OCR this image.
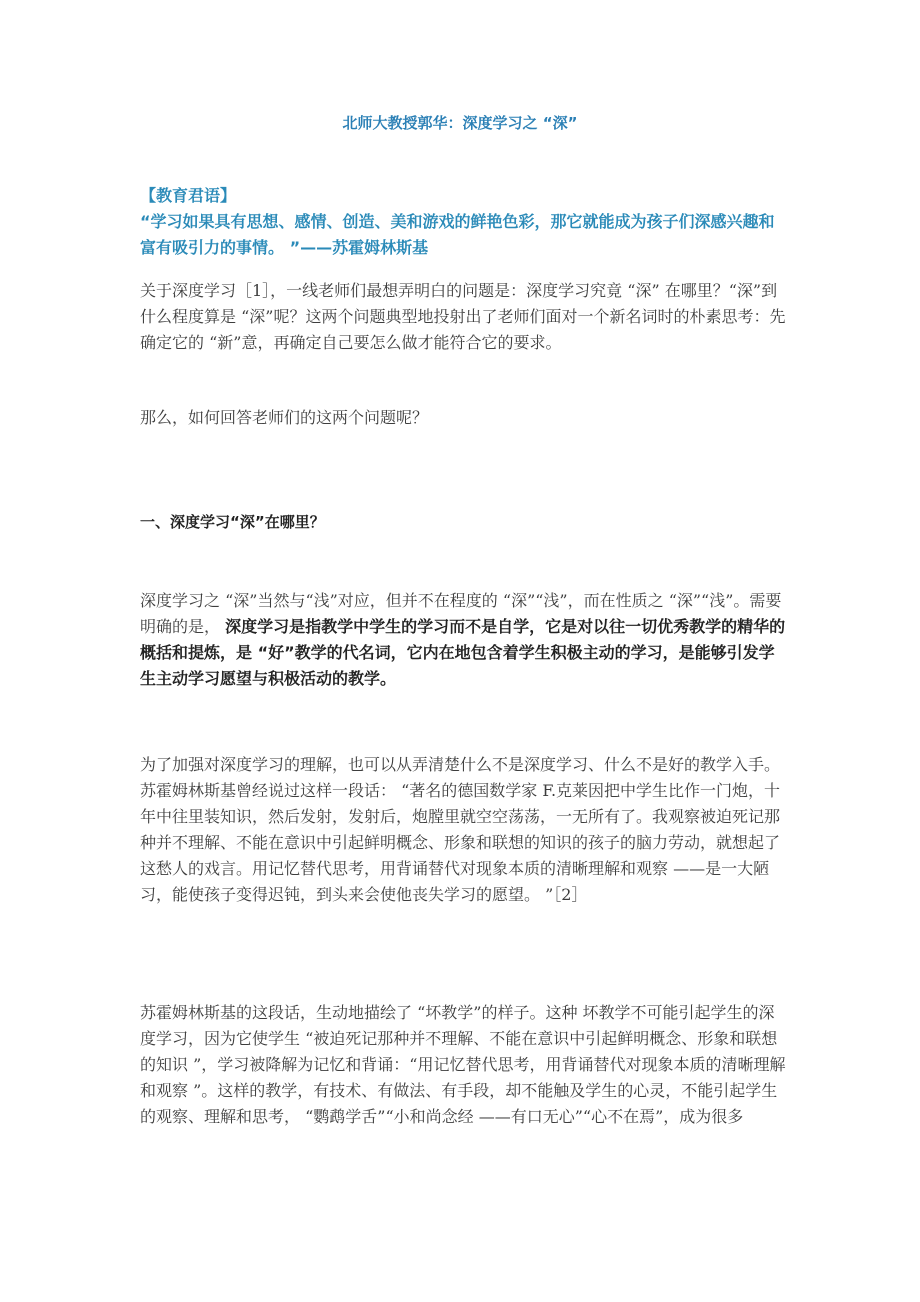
北师大教授郭华：深度学习之 “深”

【教育君语】

“学习如果具有思想、感情、创造、美和游戏的鲜艳色彩，那它就能成为孩子们深感兴趣和富有吸引力的事情。 ”——苏霍姆林斯基

关于深度学习［1］，一线老师们最想弄明白的问题是：深度学习究竟 “深” 在哪里？“深”到什么程度算是 “深”呢？这两个问题典型地投射出了老师们面对一个新名词时的朴素思考：先确定它的 “新”意，再确定自己要怎么做才能符合它的要求。

那么，如何回答老师们的这两个问题呢？

一、深度学习“深”在哪里？

深度学习之 “深”当然与“浅”对应，但并不在程度的 “深”“浅”，而在性质之 “深”“浅”。需要明确的是， 深度学习是指教学中学生的学习而不是自学，它是对以往一切优秀教学的精华的概括和提炼，是 “好”教学的代名词，它内在地包含着学生积极主动的学习，是能够引发学生主动学习愿望与积极活动的教学。

为了加强对深度学习的理解，也可以从弄清楚什么不是深度学习、什么不是好的教学入手。苏霍姆林斯基曾经说过这样一段话： “著名的德国数学家 F.克莱因把中学生比作一门炮，十年中往里装知识，然后发射，发射后，炮膛里就空空荡荡，一无所有了。我观察被迫死记那种并不理解、不能在意识中引起鲜明概念、形象和联想的知识的孩子的脑力劳动，就想起了这愁人的戏言。用记忆替代思考，用背诵替代对现象本质的清晰理解和观察 ——是一大陋习，能使孩子变得迟钝，到头来会使他丧失学习的愿望。 ”［2］

苏霍姆林斯基的这段话，生动地描绘了 “坏教学”的样子。这种 坏教学不可能引起学生的深度学习，因为它使学生 “被迫死记那种并不理解、不能在意识中引起鲜明概念、形象和联想的知识 ”，学习被降解为记忆和背诵：“用记忆替代思考，用背诵替代对现象本质的清晰理解和观察 ”。这样的教学，有技术、有做法、有手段，却不能触及学生的心灵，不能引起学生的观察、理解和思考， “鹦鹉学舌”“小和尚念经 ——有口无心”“心不在焉”，成为很多
